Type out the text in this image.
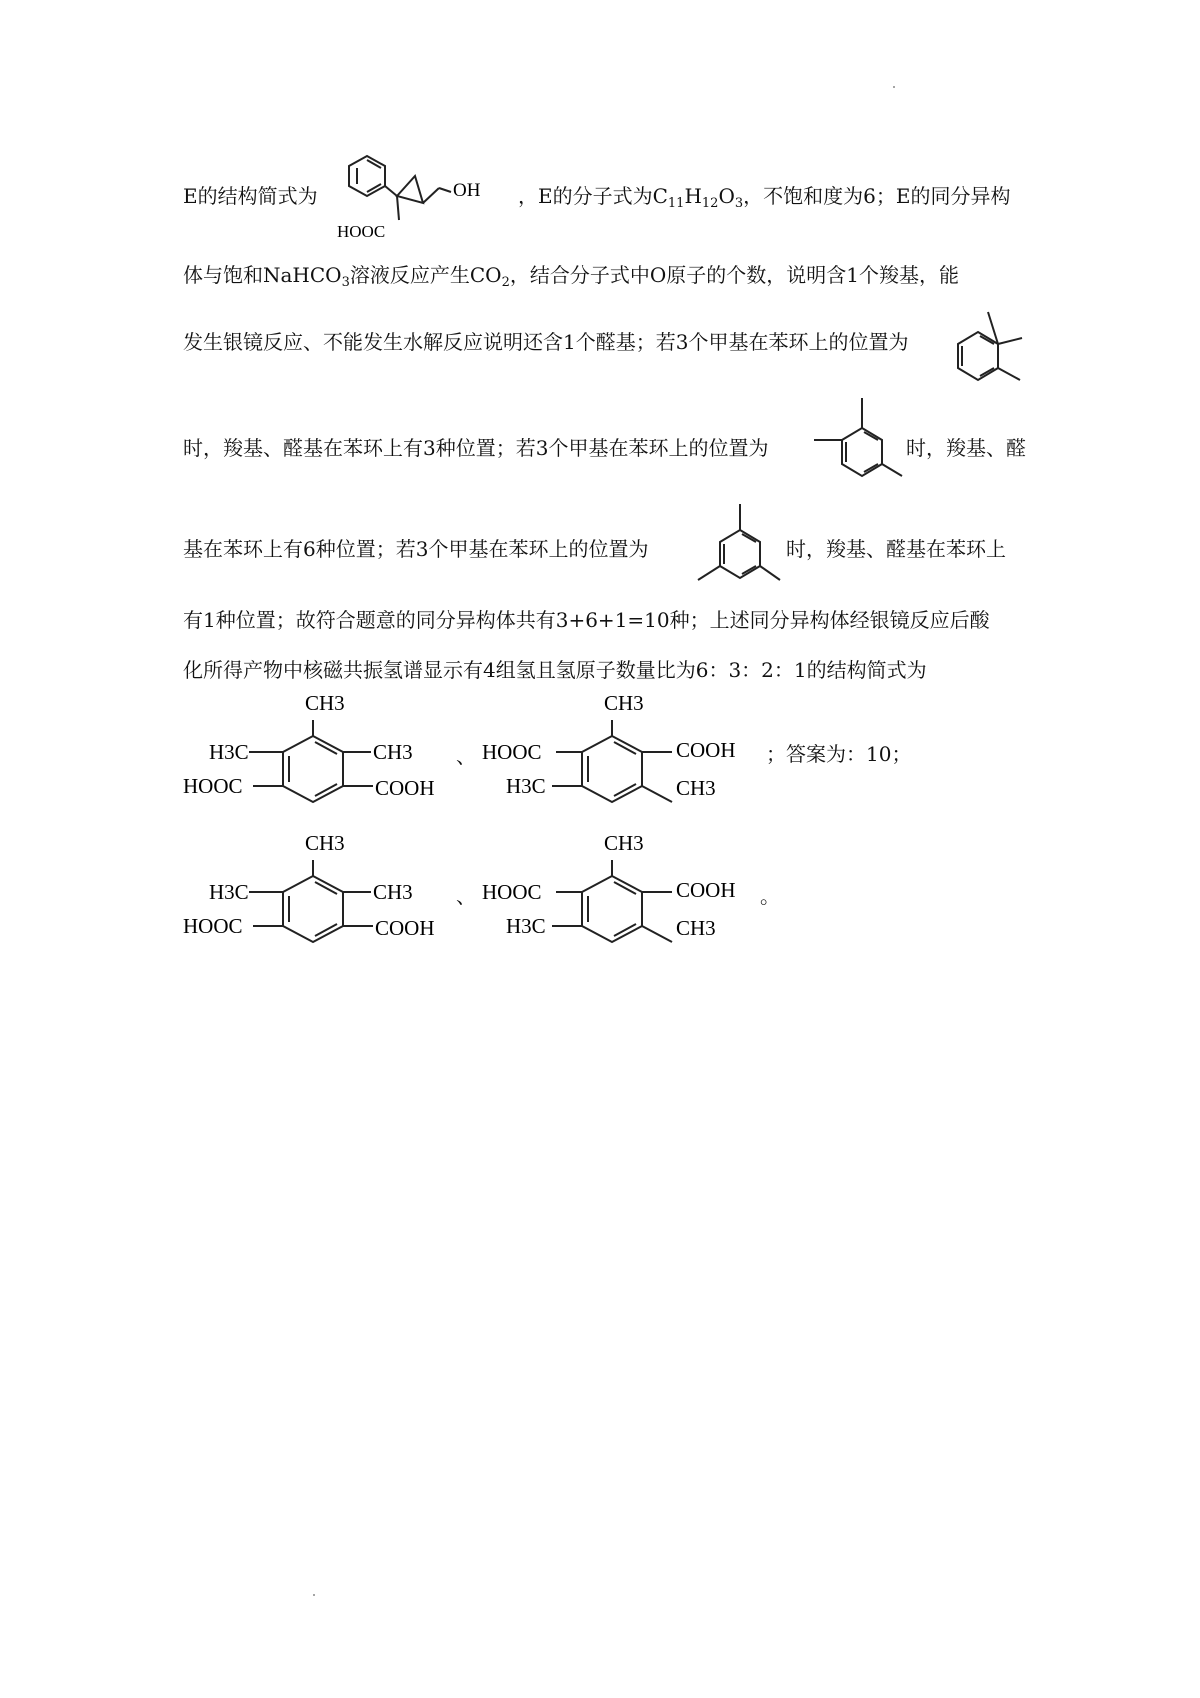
E的结构简式为	OH
HOOC
，E的分子式为$C_{11}H_{12}O_3$，不饱和度为6；E的同分异构
体与饱和NaHCO$_3$溶液反应产生$CO_2$，结合分子式中O原子的个数，说明含1个羧基，能
发生银镜反应、不能发生水解反应说明还含1个醛基；若3个甲基在苯环上的位置为
时，羧基、醛基在苯环上有3种位置；若3个甲基在苯环上的位置为	时，羧基、醛
基在苯环上有6种位置；若3个甲基在苯环上的位置为	时，羧基、醛基在苯环上
有1种位置；故符合题意的同分异构体共有3+6+1=10种；上述同分异构体经银镜反应后酸
化所得产物中核磁共振氢谱显示有4组氢且氢原子数量比为6：3：2：1的结构简式为
CH3
H3C	CH3
HOOC	COOH
、
CH3
HOOC	COOH
H3C	CH3
；答案为：10；
CH3
H3C	CH3
HOOC	COOH
、
CH3
HOOC	COOH
H3C	CH3
。
